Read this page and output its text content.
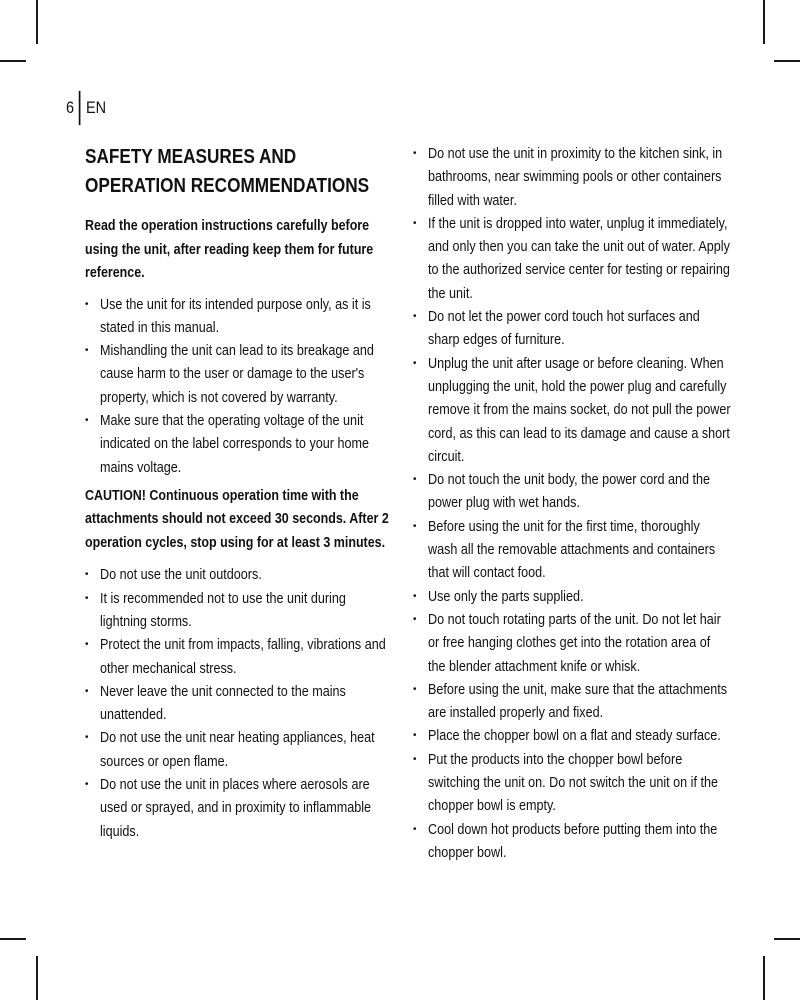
6 EN
SAFETY MEASURES AND OPERATION RECOMMENDATIONS

Read the operation instructions carefully before using the unit, after reading keep them for future reference.

• Use the unit for its intended purpose only, as it is stated in this manual.
• Mishandling the unit can lead to its breakage and cause harm to the user or damage to the user's property, which is not covered by warranty.
• Make sure that the operating voltage of the unit indicated on the label corresponds to your home mains voltage.

CAUTION! Continuous operation time with the attachments should not exceed 30 seconds. After 2 operation cycles, stop using for at least 3 minutes.

• Do not use the unit outdoors.
• It is recommended not to use the unit during lightning storms.
• Protect the unit from impacts, falling, vibrations and other mechanical stress.
• Never leave the unit connected to the mains unattended.
• Do not use the unit near heating appliances, heat sources or open flame.
• Do not use the unit in places where aerosols are used or sprayed, and in proximity to inflammable liquids.
• Do not use the unit in proximity to the kitchen sink, in bathrooms, near swimming pools or other containers filled with water.
• If the unit is dropped into water, unplug it immediately, and only then you can take the unit out of water. Apply to the authorized service center for testing or repairing the unit.
• Do not let the power cord touch hot surfaces and sharp edges of furniture.
• Unplug the unit after usage or before cleaning. When unplugging the unit, hold the power plug and carefully remove it from the mains socket, do not pull the power cord, as this can lead to its damage and cause a short circuit.
• Do not touch the unit body, the power cord and the power plug with wet hands.
• Before using the unit for the first time, thoroughly wash all the removable attachments and containers that will contact food.
• Use only the parts supplied.
• Do not touch rotating parts of the unit. Do not let hair or free hanging clothes get into the rotation area of the blender attachment knife or whisk.
• Before using the unit, make sure that the attachments are installed properly and fixed.
• Place the chopper bowl on a flat and steady surface.
• Put the products into the chopper bowl before switching the unit on. Do not switch the unit on if the chopper bowl is empty.
• Cool down hot products before putting them into the chopper bowl.
